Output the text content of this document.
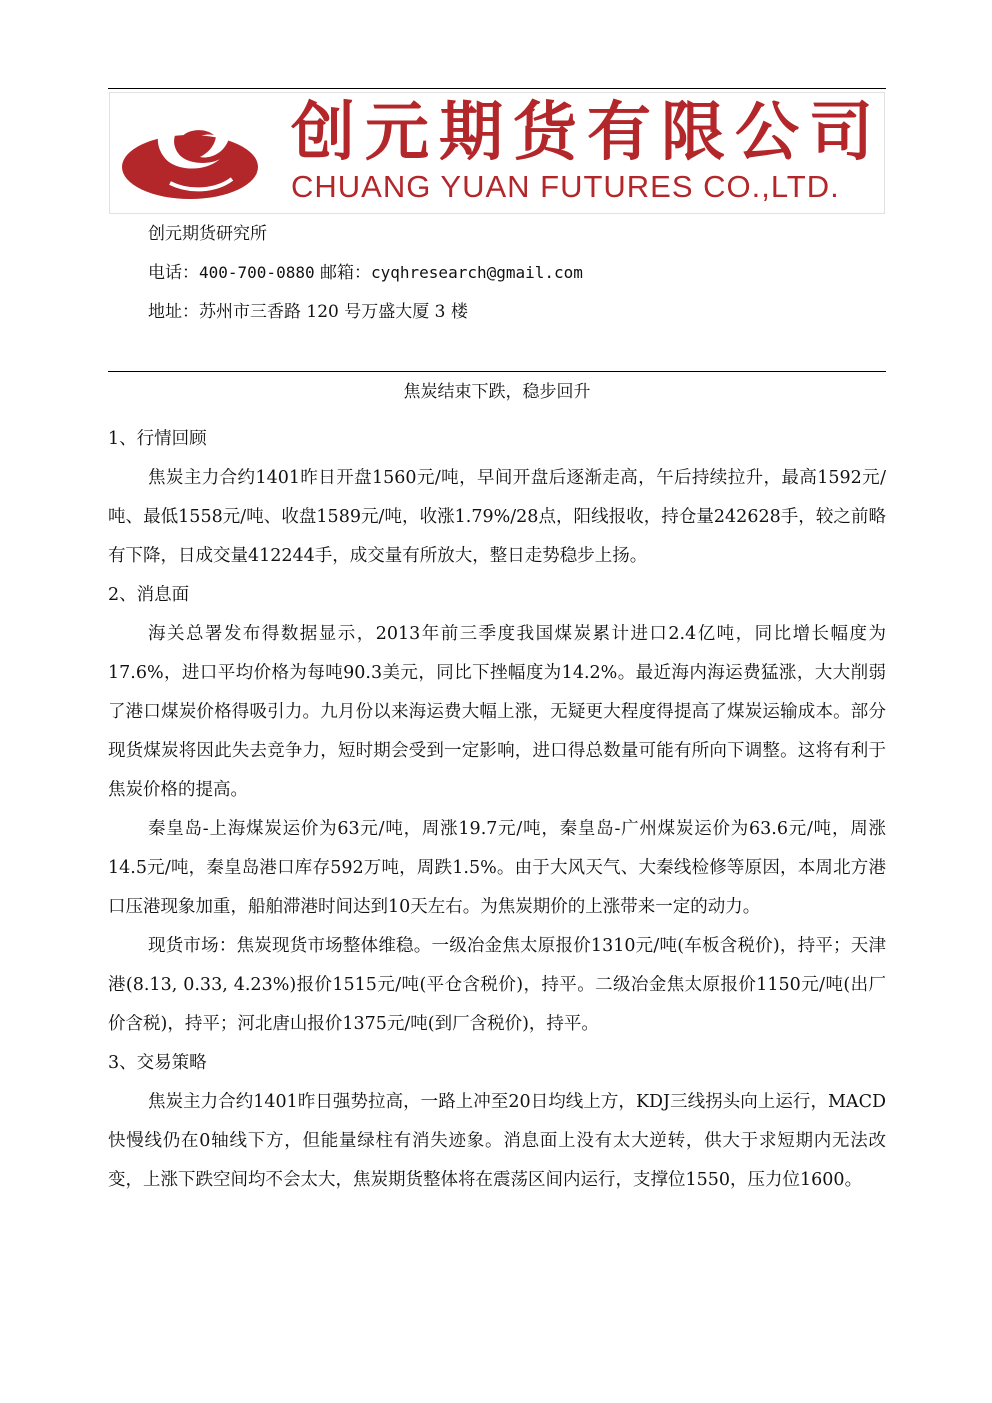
创元期货有限公司
CHUANG YUAN FUTURES CO.,LTD.
创元期货研究所
电话：400-700-0880 邮箱：cyqhresearch@gmail.com
地址：苏州市三香路 120 号万盛大厦 3 楼
焦炭结束下跌，稳步回升
1、行情回顾

焦炭主力合约1401昨日开盘1560元/吨，早间开盘后逐渐走高，午后持续拉升，最高1592元/吨、最低1558元/吨、收盘1589元/吨，收涨1.79%/28点，阳线报收，持仓量242628手，较之前略有下降，日成交量412244手，成交量有所放大，整日走势稳步上扬。

2、消息面

海关总署发布得数据显示，2013年前三季度我国煤炭累计进口2.4亿吨，同比增长幅度为17.6%，进口平均价格为每吨90.3美元，同比下挫幅度为14.2%。最近海内海运费猛涨，大大削弱了港口煤炭价格得吸引力。九月份以来海运费大幅上涨，无疑更大程度得提高了煤炭运输成本。部分现货煤炭将因此失去竞争力，短时期会受到一定影响，进口得总数量可能有所向下调整。这将有利于焦炭价格的提高。

秦皇岛-上海煤炭运价为63元/吨，周涨19.7元/吨，秦皇岛-广州煤炭运价为63.6元/吨，周涨14.5元/吨，秦皇岛港口库存592万吨，周跌1.5%。由于大风天气、大秦线检修等原因，本周北方港口压港现象加重，船舶滞港时间达到10天左右。为焦炭期价的上涨带来一定的动力。

现货市场：焦炭现货市场整体维稳。一级冶金焦太原报价1310元/吨(车板含税价)，持平；天津港(8.13, 0.33, 4.23%)报价1515元/吨(平仓含税价)，持平。二级冶金焦太原报价1150元/吨(出厂价含税)，持平；河北唐山报价1375元/吨(到厂含税价)，持平。

3、交易策略

焦炭主力合约1401昨日强势拉高，一路上冲至20日均线上方，KDJ三线拐头向上运行，MACD快慢线仍在0轴线下方，但能量绿柱有消失迹象。消息面上没有太大逆转，供大于求短期内无法改变，上涨下跌空间均不会太大，焦炭期货整体将在震荡区间内运行，支撑位1550，压力位1600。
